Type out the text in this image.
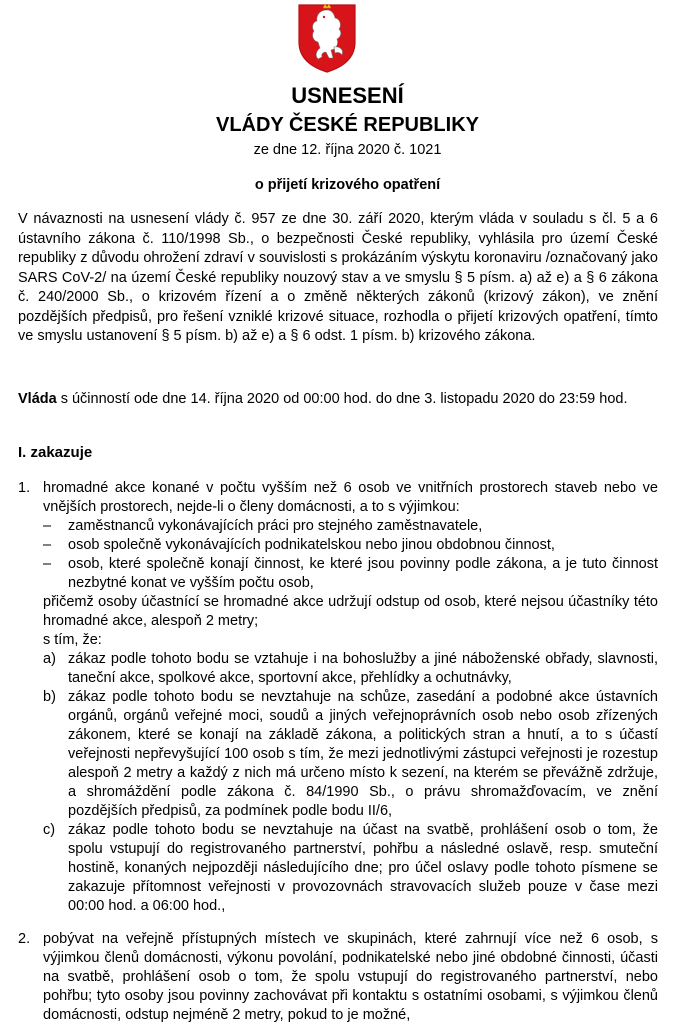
USNESENÍ
VLÁDY ČESKÉ REPUBLIKY
ze dne 12. října 2020 č. 1021
o přijetí krizového opatření

V návaznosti na usnesení vlády č. 957 ze dne 30. září 2020, kterým vláda v souladu s čl. 5 a 6 ústavního zákona č. 110/1998 Sb., o bezpečnosti České republiky, vyhlásila pro území České republiky z důvodu ohrožení zdraví v souvislosti s prokázáním výskytu koronaviru /označovaný jako SARS CoV-2/ na území České republiky nouzový stav a ve smyslu § 5 písm. a) až e) a § 6 zákona č. 240/2000 Sb., o krizovém řízení a o změně některých zákonů (krizový zákon), ve znění pozdějších předpisů, pro řešení vzniklé krizové situace, rozhodla o přijetí krizových opatření, tímto ve smyslu ustanovení § 5 písm. b) až e) a § 6 odst. 1 písm. b) krizového zákona.

Vláda s účinností ode dne 14. října 2020 od 00:00 hod. do dne 3. listopadu 2020 do 23:59 hod.

I. zakazuje

1. hromadné akce konané v počtu vyšším než 6 osob ve vnitřních prostorech staveb nebo ve vnějších prostorech, nejde-li o členy domácnosti, a to s výjimkou:

– zaměstnanců vykonávajících práci pro stejného zaměstnavatele,
– osob společně vykonávajících podnikatelskou nebo jinou obdobnou činnost,
– osob, které společně konají činnost, ke které jsou povinny podle zákona, a je tuto činnost nezbytné konat ve vyšším počtu osob,

přičemž osoby účastnící se hromadné akce udržují odstup od osob, které nejsou účastníky této hromadné akce, alespoň 2 metry;

s tím, že:

a) zákaz podle tohoto bodu se vztahuje i na bohoslužby a jiné náboženské obřady, slavnosti, taneční akce, spolkové akce, sportovní akce, přehlídky a ochutnávky,
b) zákaz podle tohoto bodu se nevztahuje na schůze, zasedání a podobné akce ústavních orgánů, orgánů veřejné moci, soudů a jiných veřejnoprávních osob nebo osob zřízených zákonem, které se konají na základě zákona, a politických stran a hnutí, a to s účastí veřejnosti nepřevyšující 100 osob s tím, že mezi jednotlivými zástupci veřejnosti je rozestup alespoň 2 metry a každý z nich má určeno místo k sezení, na kterém se převážně zdržuje, a shromáždění podle zákona č. 84/1990 Sb., o právu shromažďovacím, ve znění pozdějších předpisů, za podmínek podle bodu II/6,
c) zákaz podle tohoto bodu se nevztahuje na účast na svatbě, prohlášení osob o tom, že spolu vstupují do registrovaného partnerství, pohřbu a následné oslavě, resp. smuteční hostině, konaných nejpozději následujícího dne; pro účel oslavy podle tohoto písmene se zakazuje přítomnost veřejnosti v provozovnách stravovacích služeb pouze v čase mezi 00:00 hod. a 06:00 hod.,
2. pobývat na veřejně přístupných místech ve skupinách, které zahrnují více než 6 osob, s výjimkou členů domácnosti, výkonu povolání, podnikatelské nebo jiné obdobné činnosti, účasti na svatbě, prohlášení osob o tom, že spolu vstupují do registrovaného partnerství, nebo pohřbu; tyto osoby jsou povinny zachovávat při kontaktu s ostatními osobami, s výjimkou členů domácnosti, odstup nejméně 2 metry, pokud to je možné,
